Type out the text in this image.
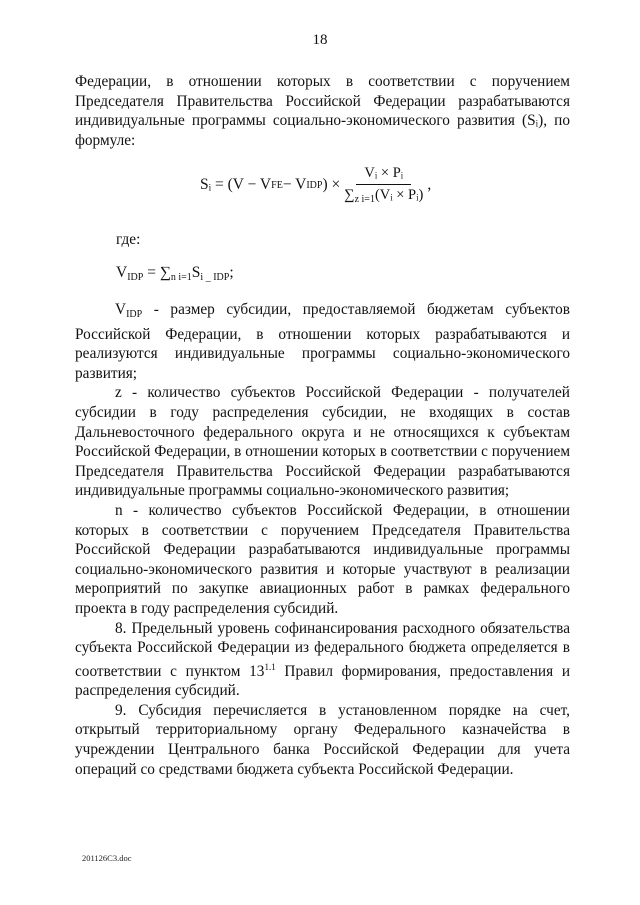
18

Федерации, в отношении которых в соответствии с поручением Председателя Правительства Российской Федерации разрабатываются индивидуальные программы социально-экономического развития (Sᵢ), по формуле:

Sᵢ = (V − V FE − V IDP ) × $\frac{\text{Vᵢ × Pᵢ}}{\sum_{z i=1}(Vᵢ \times Pᵢ)}$ ,
где:
$V_{IDP} = \sum_{n i=1}S_{i \_ IDP}$;

$V_{IDP}$ - размер субсидии, предоставляемой бюджетам субъектов Российской Федерации, в отношении которых разрабатываются и реализуются индивидуальные программы социально-экономического развития;

z - количество субъектов Российской Федерации - получателей субсидии в году распределения субсидии, не входящих в состав Дальневосточного федерального округа и не относящихся к субъектам Российской Федерации, в отношении которых в соответствии с поручением Председателя Правительства Российской Федерации разрабатываются индивидуальные программы социально-экономического развития;

n - количество субъектов Российской Федерации, в отношении которых в соответствии с поручением Председателя Правительства Российской Федерации разрабатываются индивидуальные программы социально-экономического развития и которые участвуют в реализации мероприятий по закупке авиационных работ в рамках федерального проекта в году распределения субсидий.

8. Предельный уровень софинансирования расходного обязательства субъекта Российской Федерации из федерального бюджета определяется в соответствии с пунктом $13^{1.1}$ Правил формирования, предоставления и распределения субсидий.

9. Субсидия перечисляется в установленном порядке на счет, открытый территориальному органу Федерального казначейства в учреждении Центрального банка Российской Федерации для учета операций со средствами бюджета субъекта Российской Федерации.

201126C3.doc
